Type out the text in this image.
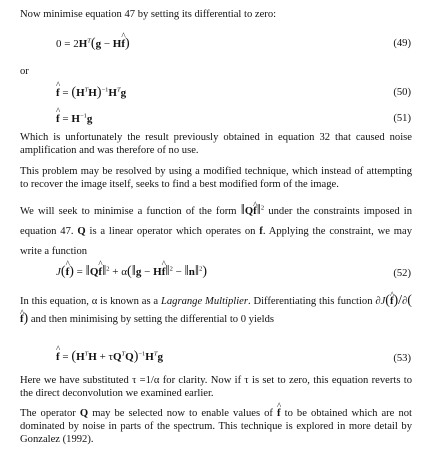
Now minimise equation 47 by setting its differential to zero:

$0 = 2H^T(g$ − H^ f)	(49)
or
^ $f = (H^TH)^{-1}H^Tg$	(50)
^ $f = H^{-1}g$	(51)

Which is unfortunately the result previously obtained in equation 32 that caused noise amplification and was therefore of no use.

This problem may be resolved by using a modified technique, which instead of attempting to recover the image itself, seeks to find a best modified form of the image.

We will seek to minimise a function of the form ‖Q^ f‖$^2$ under the constraints imposed in equation 47. Q is a linear operator which operates on f. Applying the constraint, we may write a function

J(^ f) = ‖Q^ f‖$^2$ + α(‖g − H^ f‖$^2$ − ‖n‖$^2$)	(52)

In this equation, α is known as a Lagrange Multiplier. Differentiating this function ∂J(^ f)/∂(^ f) and then minimising by setting the differential to 0 yields

^ $f = (H^TH + \tau Q^TQ)^{-1}H^Tg$	(53)

Here we have substituted τ =1/α for clarity. Now if τ is set to zero, this equation reverts to the direct deconvolution we examined earlier.

The operator Q may be selected now to enable values of ^ f to be obtained which are not dominated by noise in parts of the spectrum. This technique is explored in more detail by Gonzalez (1992).
